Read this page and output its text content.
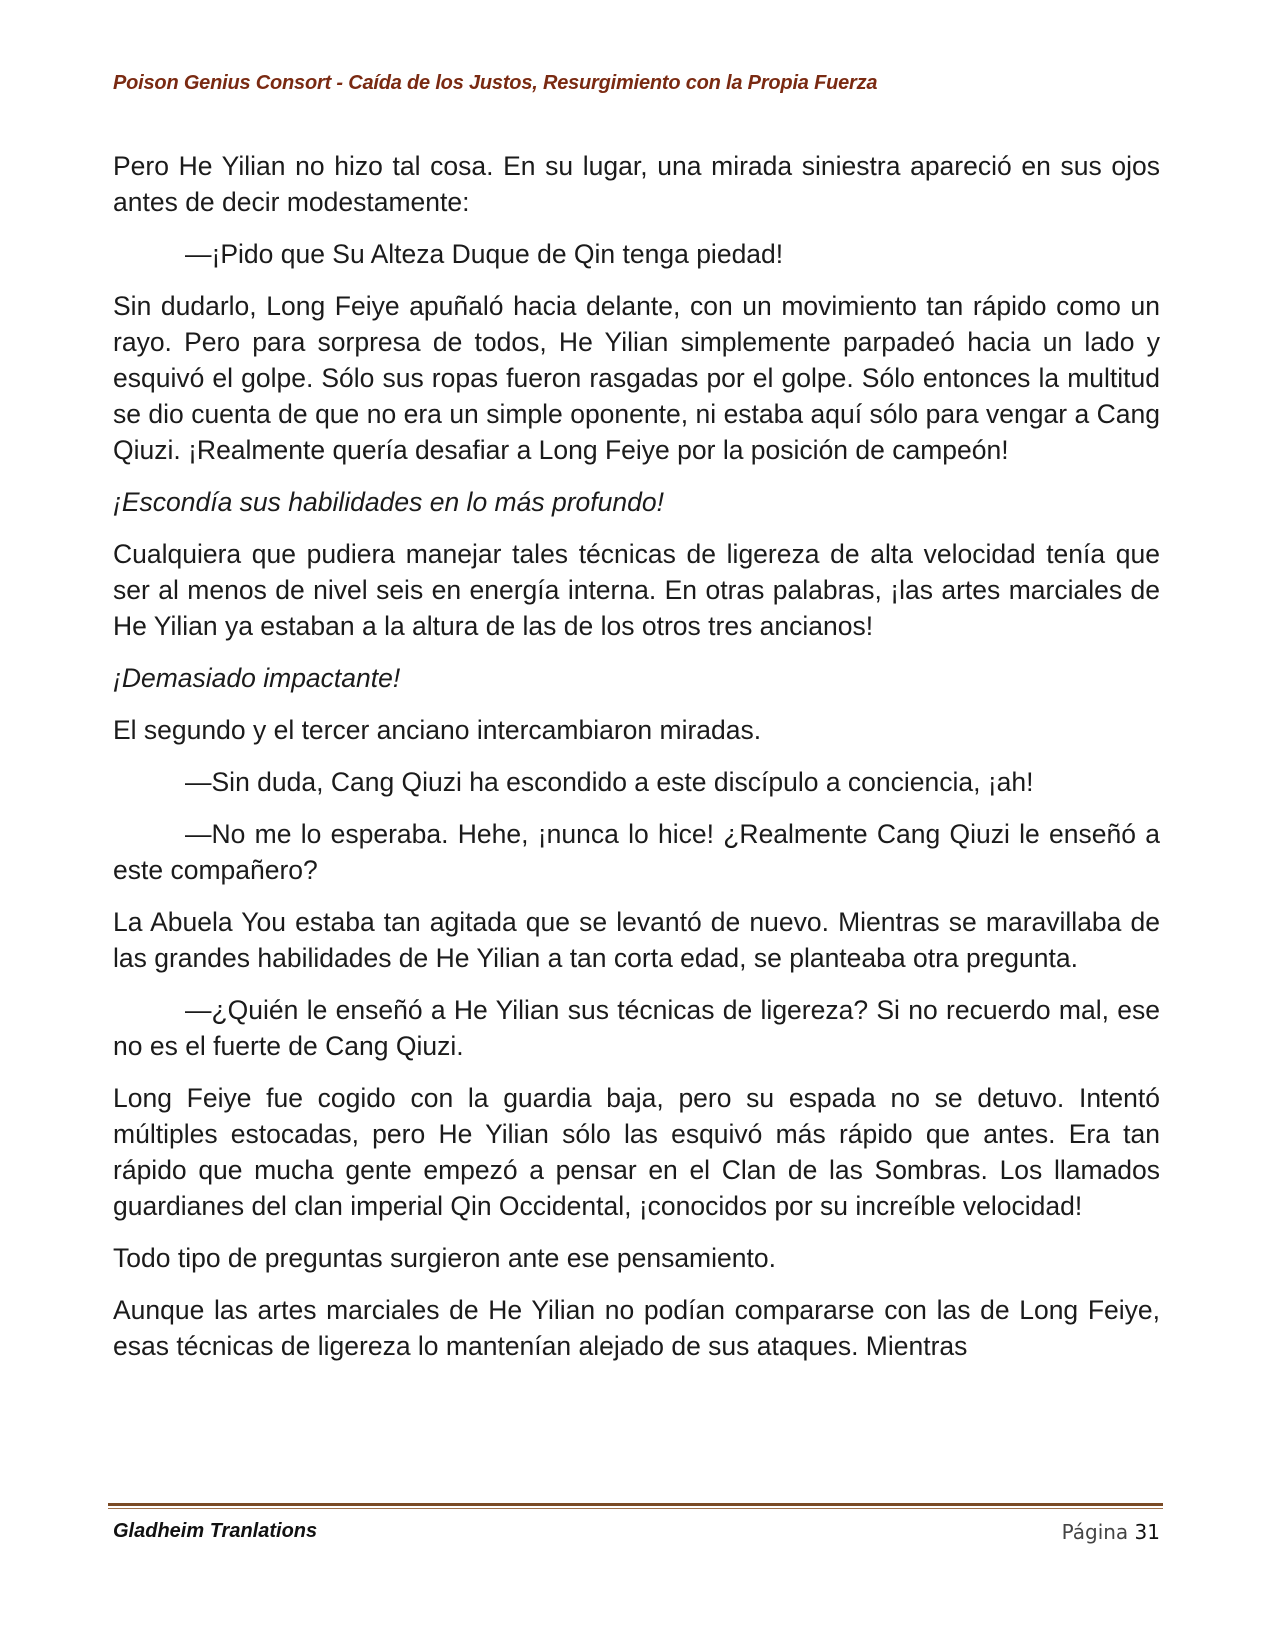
Poison Genius Consort - Caída de los Justos, Resurgimiento con la Propia Fuerza

Pero He Yilian no hizo tal cosa. En su lugar, una mirada siniestra apareció en sus ojos antes de decir modestamente:

—¡Pido que Su Alteza Duque de Qin tenga piedad!

Sin dudarlo, Long Feiye apuñaló hacia delante, con un movimiento tan rápido como un rayo. Pero para sorpresa de todos, He Yilian simplemente parpadeó hacia un lado y esquivó el golpe. Sólo sus ropas fueron rasgadas por el golpe. Sólo entonces la multitud se dio cuenta de que no era un simple oponente, ni estaba aquí sólo para vengar a Cang Qiuzi. ¡Realmente quería desafiar a Long Feiye por la posición de campeón!

¡Escondía sus habilidades en lo más profundo!

Cualquiera que pudiera manejar tales técnicas de ligereza de alta velocidad tenía que ser al menos de nivel seis en energía interna. En otras palabras, ¡las artes marciales de He Yilian ya estaban a la altura de las de los otros tres ancianos!

¡Demasiado impactante!

El segundo y el tercer anciano intercambiaron miradas.

—Sin duda, Cang Qiuzi ha escondido a este discípulo a conciencia, ¡ah!

—No me lo esperaba. Hehe, ¡nunca lo hice! ¿Realmente Cang Qiuzi le enseñó a este compañero?

La Abuela You estaba tan agitada que se levantó de nuevo. Mientras se maravillaba de las grandes habilidades de He Yilian a tan corta edad, se planteaba otra pregunta.

—¿Quién le enseñó a He Yilian sus técnicas de ligereza? Si no recuerdo mal, ese no es el fuerte de Cang Qiuzi.

Long Feiye fue cogido con la guardia baja, pero su espada no se detuvo. Intentó múltiples estocadas, pero He Yilian sólo las esquivó más rápido que antes. Era tan rápido que mucha gente empezó a pensar en el Clan de las Sombras. Los llamados guardianes del clan imperial Qin Occidental, ¡conocidos por su increíble velocidad!

Todo tipo de preguntas surgieron ante ese pensamiento.

Aunque las artes marciales de He Yilian no podían compararse con las de Long Feiye, esas técnicas de ligereza lo mantenían alejado de sus ataques. Mientras

Gladheim Tranlations	Página 31
